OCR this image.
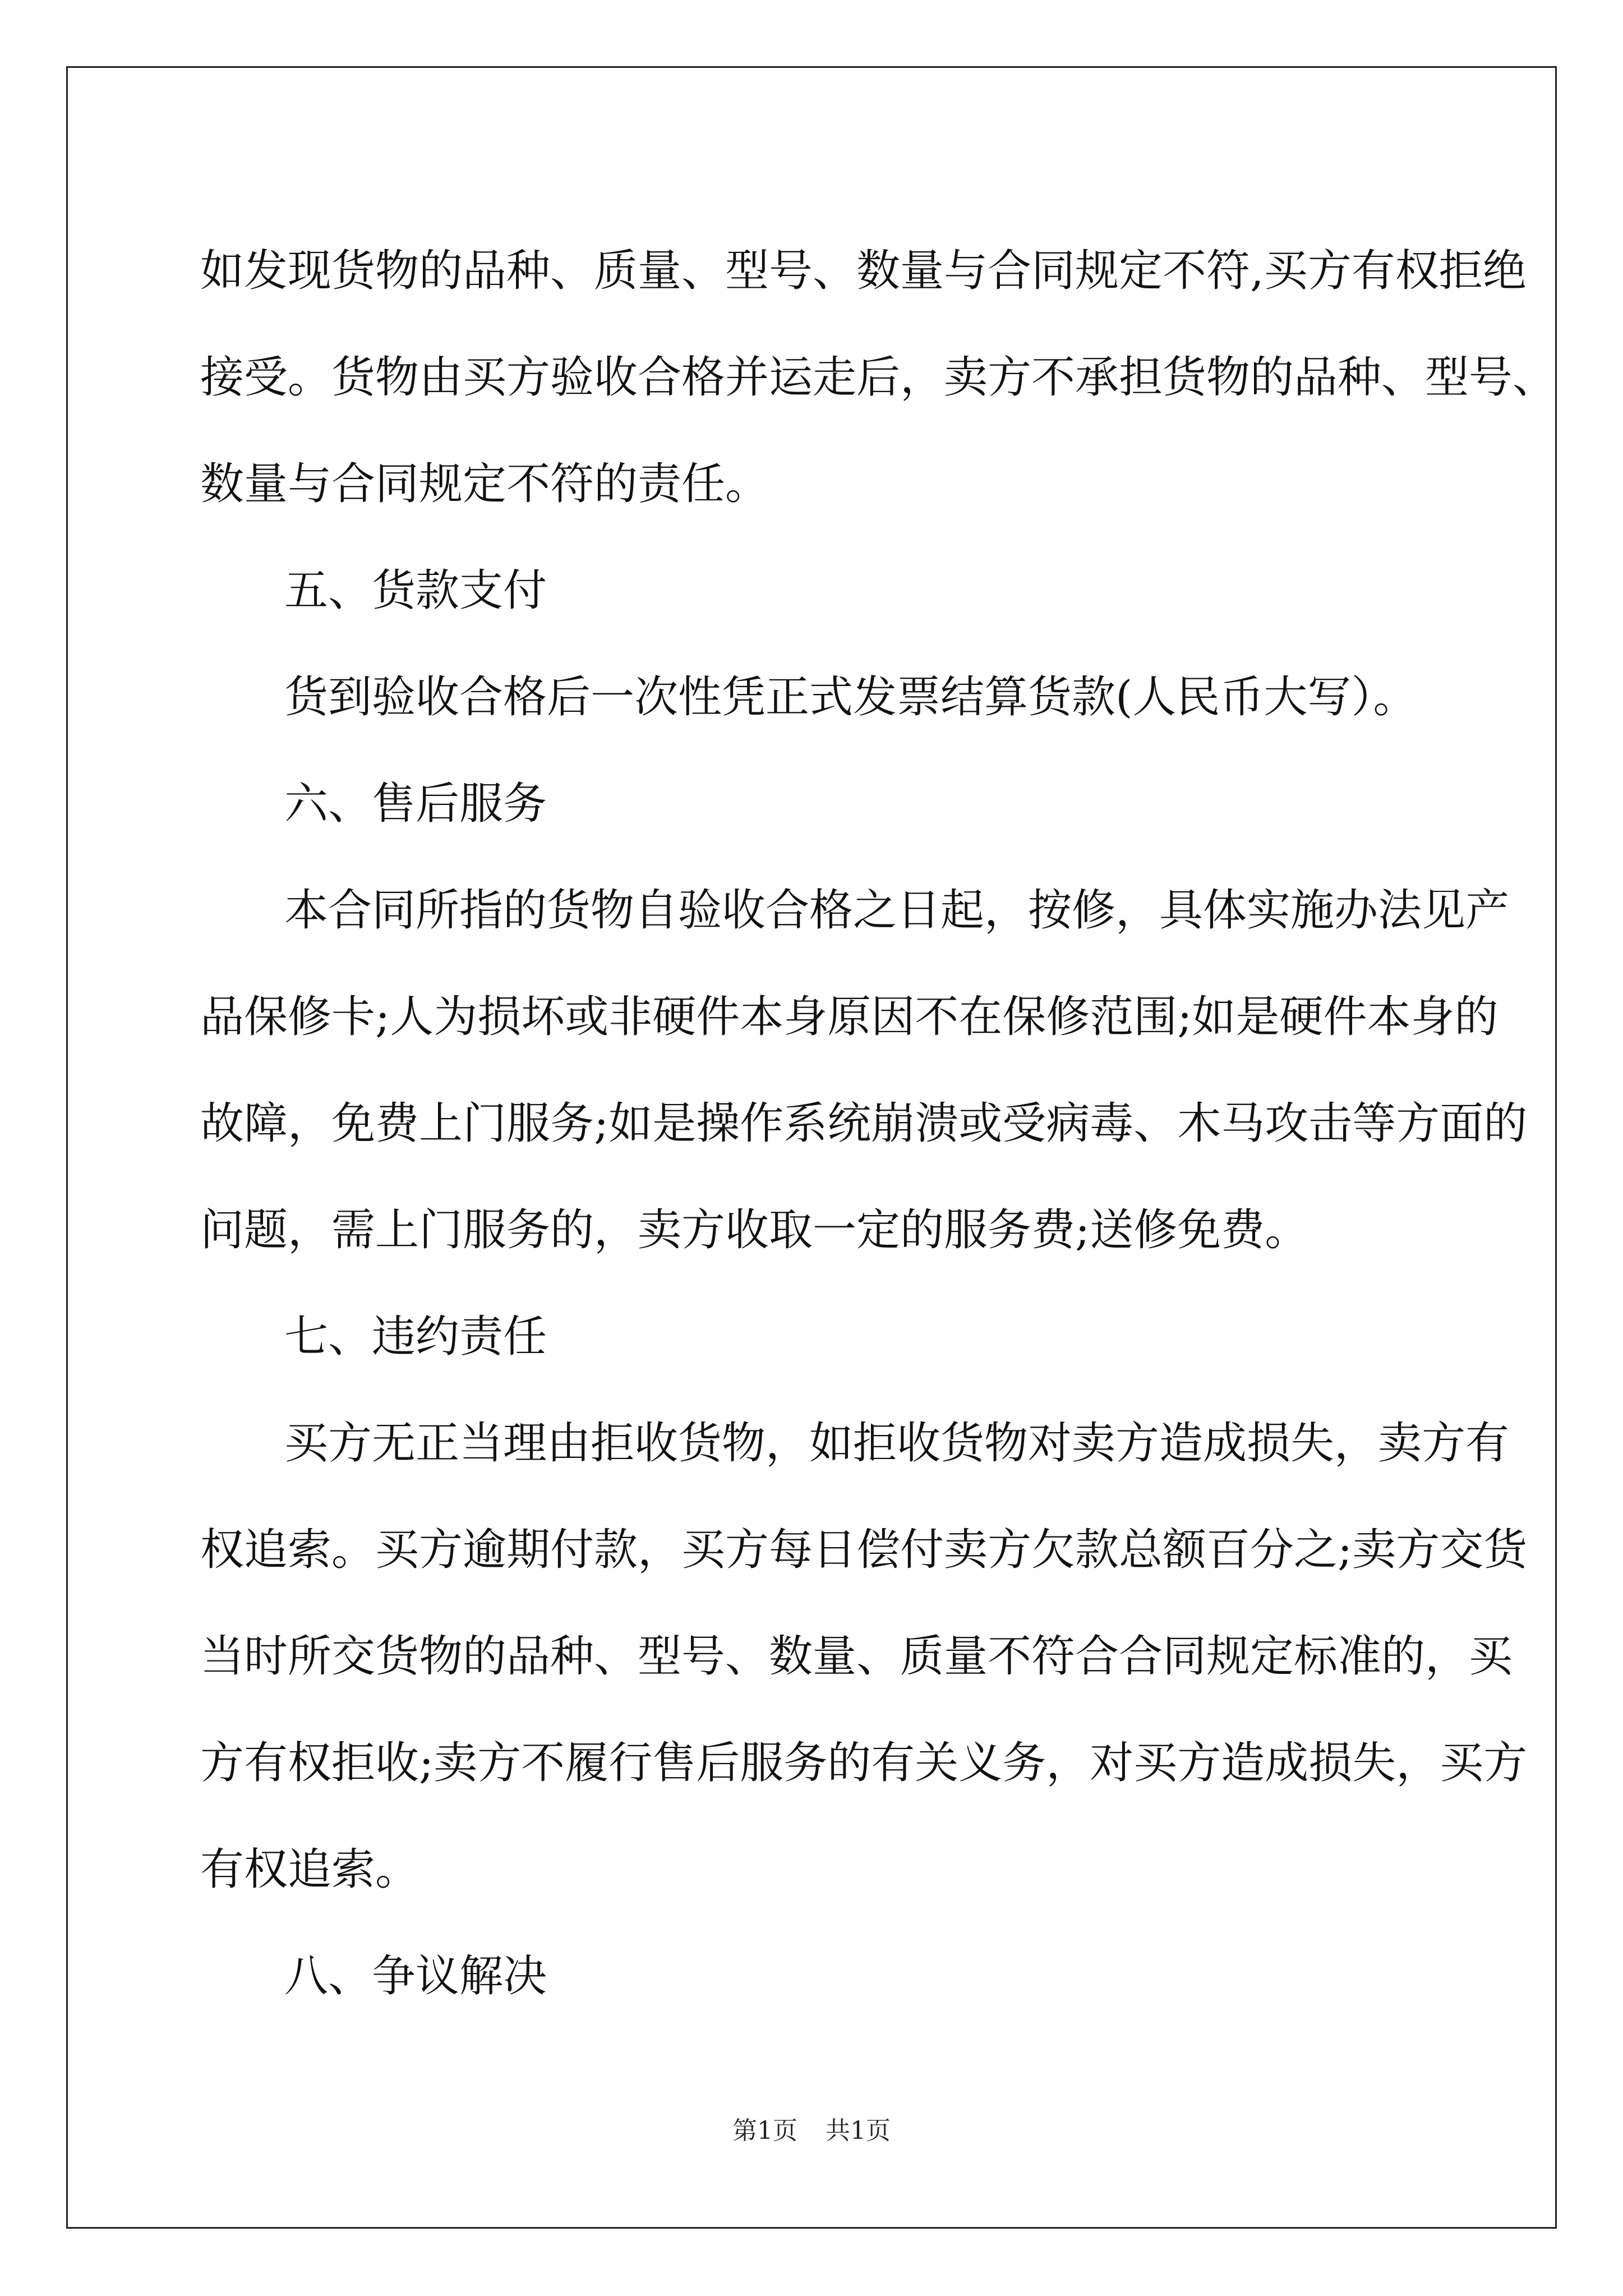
如发现货物的品种、质量、型号、数量与合同规定不符,买方有权拒绝
接受。货物由买方验收合格并运走后，卖方不承担货物的品种、型号、
数量与合同规定不符的责任。
五、货款支付
货到验收合格后一次性凭正式发票结算货款(人民币大写）。
六、售后服务
本合同所指的货物自验收合格之日起，按修，具体实施办法见产
品保修卡;人为损坏或非硬件本身原因不在保修范围;如是硬件本身的
故障，免费上门服务;如是操作系统崩溃或受病毒、木马攻击等方面的
问题，需上门服务的，卖方收取一定的服务费;送修免费。
七、违约责任
买方无正当理由拒收货物，如拒收货物对卖方造成损失，卖方有
权追索。买方逾期付款，买方每日偿付卖方欠款总额百分之;卖方交货
当时所交货物的品种、型号、数量、质量不符合合同规定标准的，买
方有权拒收;卖方不履行售后服务的有关义务，对买方造成损失，买方
有权追索。
八、争议解决
第1页 共1页
